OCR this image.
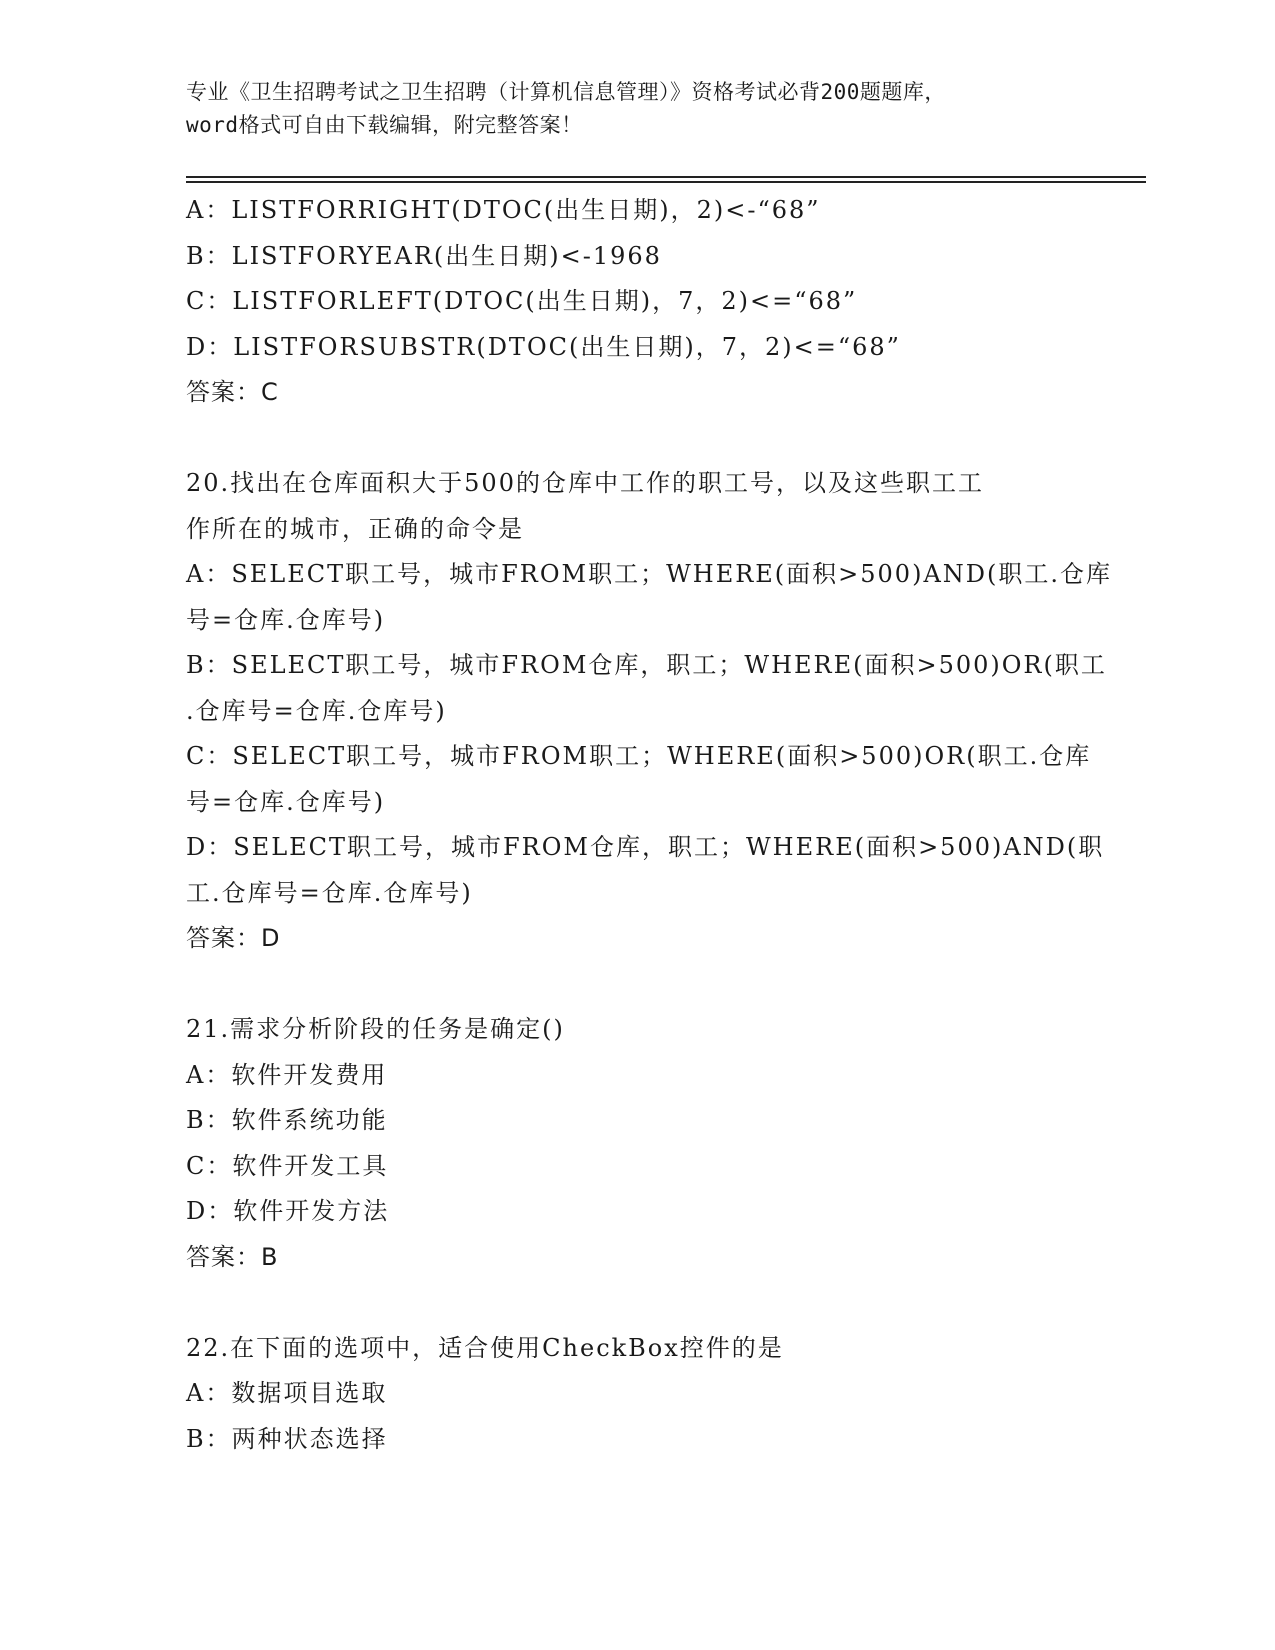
专业《卫生招聘考试之卫生招聘（计算机信息管理）》资格考试必背200题题库，

word格式可自由下载编辑，附完整答案！

A：LISTFORRIGHT(DTOC(出生日期)，2)<-“68”
B：LISTFORYEAR(出生日期)<-1968
C：LISTFORLEFT(DTOC(出生日期)，7，2)<=“68”
D：LISTFORSUBSTR(DTOC(出生日期)，7，2)<=“68”
答案：C
20.找出在仓库面积大于500的仓库中工作的职工号，以及这些职工工
作所在的城市，正确的命令是
A：SELECT职工号，城市FROM职工；WHERE(面积>500)AND(职工.仓库
号=仓库.仓库号)
B：SELECT职工号，城市FROM仓库，职工；WHERE(面积>500)OR(职工
.仓库号=仓库.仓库号)
C：SELECT职工号，城市FROM职工；WHERE(面积>500)OR(职工.仓库
号=仓库.仓库号)
D：SELECT职工号，城市FROM仓库，职工；WHERE(面积>500)AND(职
工.仓库号=仓库.仓库号)
答案：D
21.需求分析阶段的任务是确定()
A：软件开发费用
B：软件系统功能
C：软件开发工具
D：软件开发方法
答案：B
22.在下面的选项中，适合使用CheckBox控件的是
A：数据项目选取
B：两种状态选择
